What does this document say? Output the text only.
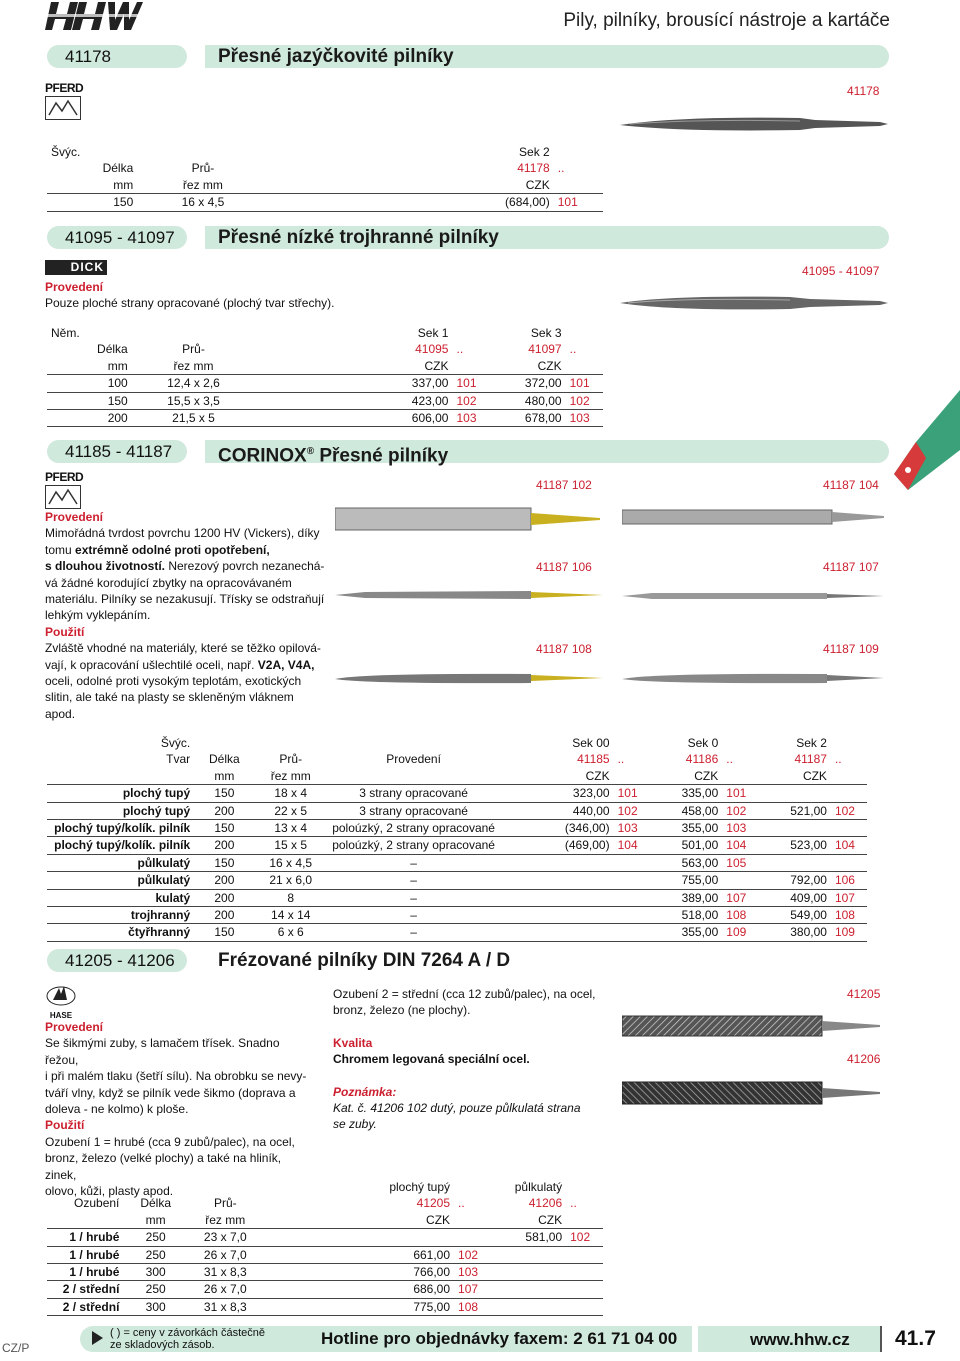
Pily, pilníky, brousící nástroje a kartáče
41178	Přesné jazýčkovité pilníky
PFERD	41178
Švýc.		Sek 2	
Délka	Prů-	41178	..
mm	řez mm	CZK	
150	16 x 4,5	(684,00)	101
41095 - 41097	Přesné nízké trojhranné pilníky
DICK
Provedení
Pouze ploché strany opracované (plochý tvar střechy).
41095 - 41097
Něm.		Sek 1		Sek 3	
Délka	Prů-	41095	..	41097	..
mm	řez mm	CZK		CZK	
100	12,4 x 2,6	337,00	101	372,00	101
150	15,5 x 3,5	423,00	102	480,00	102
200	21,5 x 5	606,00	103	678,00	103
41185 - 41187	CORINOX® Přesné pilníky
PFERD
Provedení
Mimořádná tvrdost povrchu 1200 HV (Vickers), díky
tomu extrémně odolné proti opotřebení,
s dlouhou životností. Nerezový povrch nezanechá-
vá žádné korodující zbytky na opracovávaném
materiálu. Pilníky se nezakusují. Třísky se odstraňují
lehkým vyklepáním.
Použití
Zvláště vhodné na materiály, které se těžko opilová-
vají, k opracování ušlechtilé oceli, např. V2A, V4A,
oceli, odolné proti vysokým teplotám, exotických
slitin, ale také na plasty se skleněným vláknem
apod.
41187 102	41187 104
41187 106	41187 107
41187 108	41187 109
Švýc.					Sek 00		Sek 0		Sek 2	
Tvar	Délka	Prů-	Provedení		41185	..	41186	..	41187	..
	mm	řez mm			CZK		CZK		CZK	
plochý tupý	150	18 x 4	3 strany opracované		323,00	101	335,00	101		
plochý tupý	200	22 x 5	3 strany opracované		440,00	102	458,00	102	521,00	102
plochý tupý/kolík. pilník	150	13 x 4	poloúzký, 2 strany opracované		(346,00)	103	355,00	103		
plochý tupý/kolík. pilník	200	15 x 5	poloúzký, 2 strany opracované		(469,00)	104	501,00	104	523,00	104
půlkulatý	150	16 x 4,5	–				563,00	105		
půlkulatý	200	21 x 6,0	–				755,00		792,00	106
kulatý	200	8	–				389,00	107	409,00	107
trojhranný	200	14 x 14	–				518,00	108	549,00	108
čtyřhranný	150	6 x 6	–				355,00	109	380,00	109
41205 - 41206	Frézované pilníky DIN 7264 A / D
HASE
Provedení
Se šikmými zuby, s lamačem třísek. Snadno řežou,
i při malém tlaku (šetří sílu). Na obrobku se nevy-
tváří vlny, když se pilník vede šikmo (doprava a
doleva - ne kolmo) k ploše.
Použití
Ozubení 1 = hrubé (cca 9 zubů/palec), na ocel,
bronz, železo (velké plochy) a také na hliník, zinek,
olovo, kůži, plasty apod.
Ozubení 2 = střední (cca 12 zubů/palec), na ocel,
bronz, železo (ne plochy).
Kvalita
Chromem legovaná speciální ocel.
Poznámka:
Kat. č. 41206 102 dutý, pouze půlkulatá strana
se zuby.
41205
41206
			plochý tupý		půlkulatý	
Ozubení	Délka	Prů-	41205	..	41206	..
	mm	řez mm	CZK		CZK	
1 / hrubé	250	23 x 7,0			581,00	102
1 / hrubé	250	26 x 7,0	661,00	102		
1 / hrubé	300	31 x 8,3	766,00	103		
2 / střední	250	26 x 7,0	686,00	107		
2 / střední	300	31 x 8,3	775,00	108		
CZ/P
( ) = ceny v závorkách částečně
ze skladových zásob.	Hotline pro objednávky faxem: 2 61 71 04 00	www.hhw.cz 41.7
